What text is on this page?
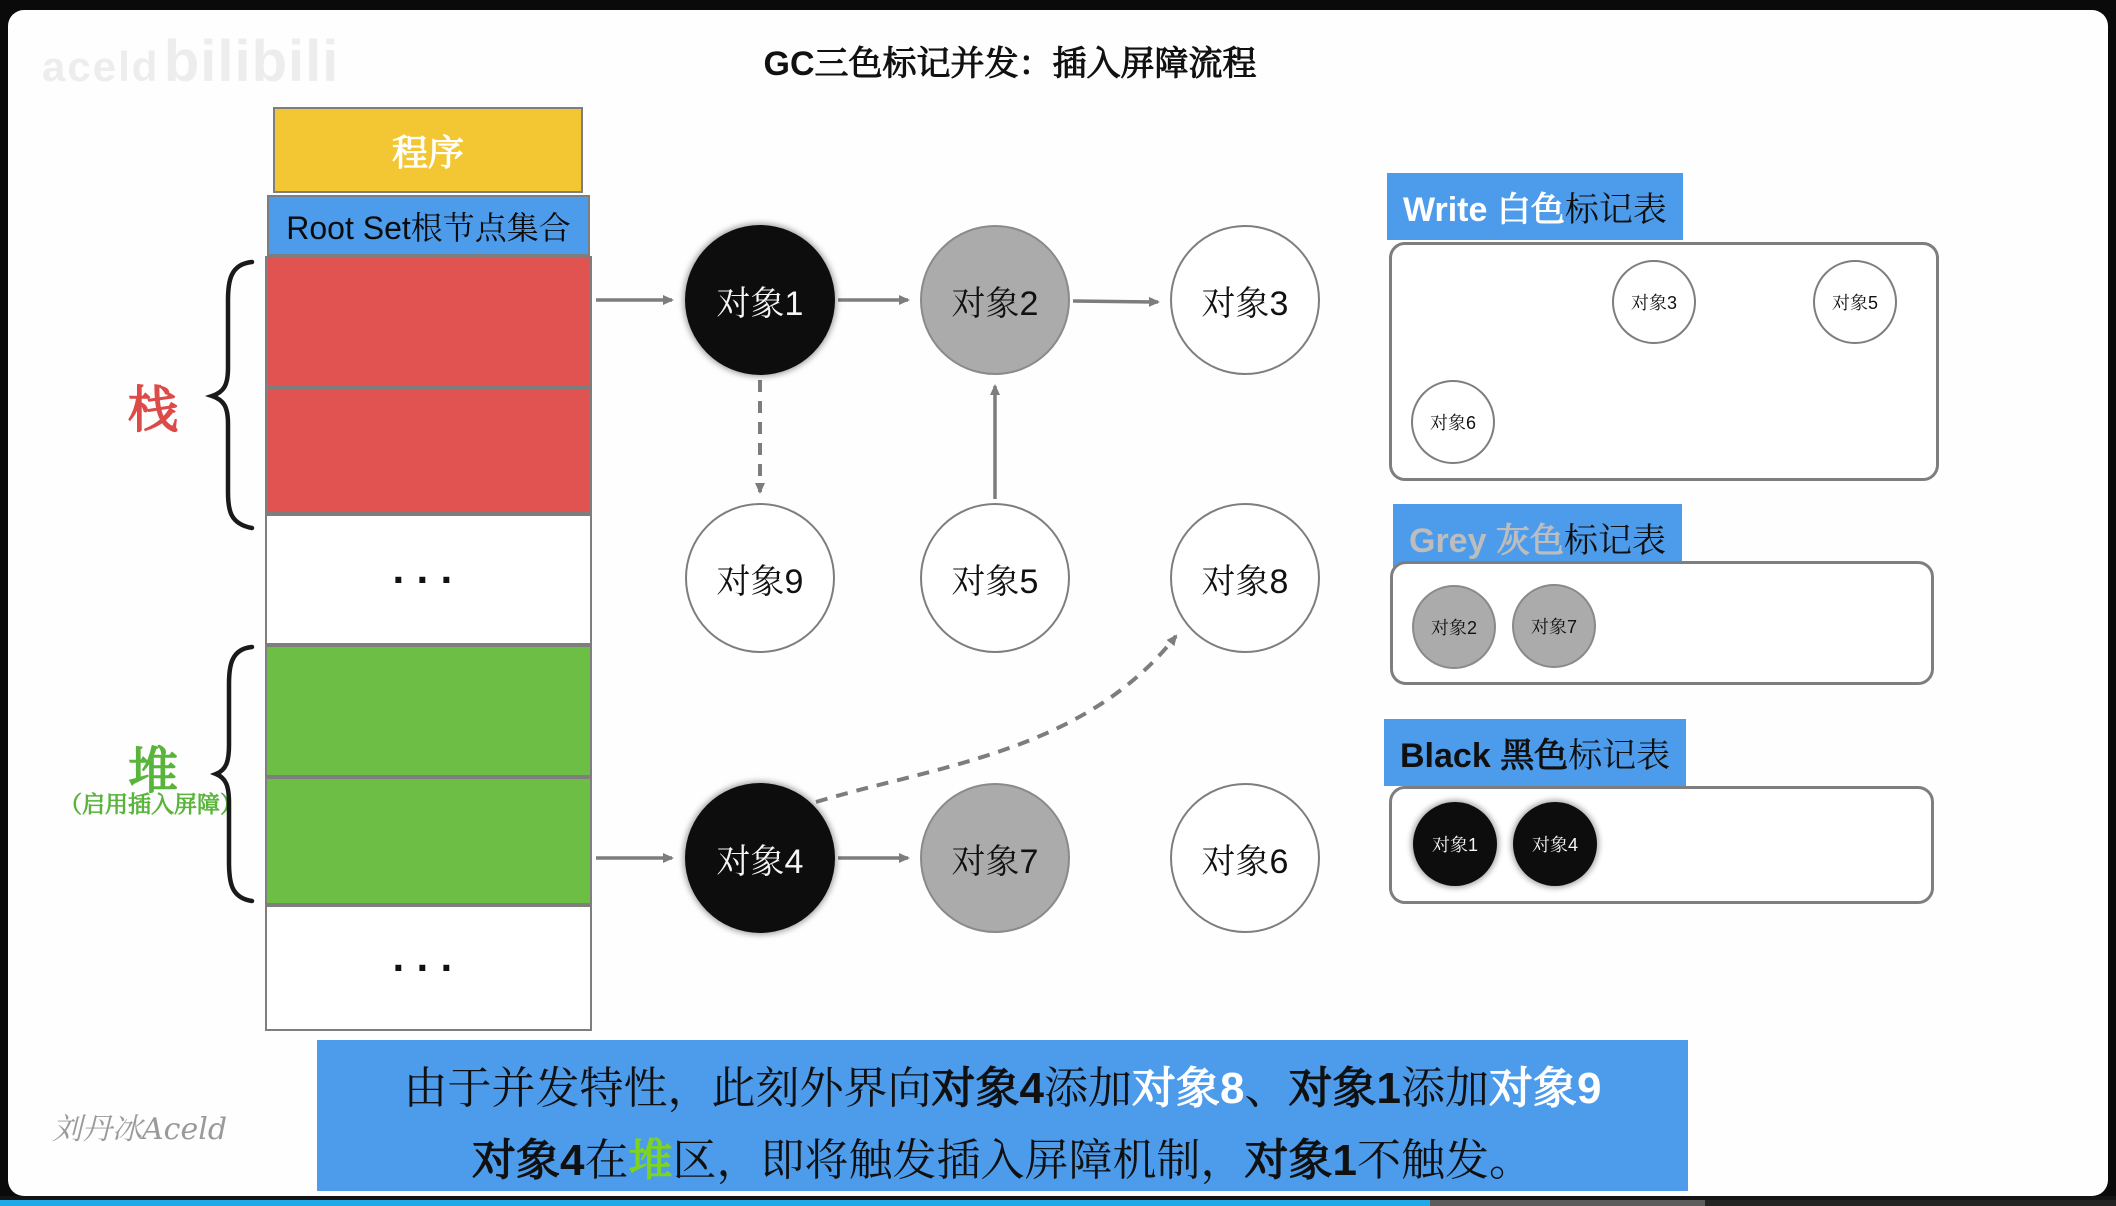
aceld bilibili	GC三色标记并发：插入屏障流程
程序
Root Set根节点集合
···
···
栈
堆
（启用插入屏障）
对象1	对象2	对象3
对象9	对象5	对象8
对象4	对象7	对象6
Write 白色标记表
对象3	对象5
对象6
Grey 灰色标记表
对象2	对象7
Black 黑色标记表
对象1	对象4
由于并发特性，此刻外界向对象4添加对象8、对象1添加对象9
对象4在堆区，即将触发插入屏障机制，对象1不触发。
刘丹冰Aceld
